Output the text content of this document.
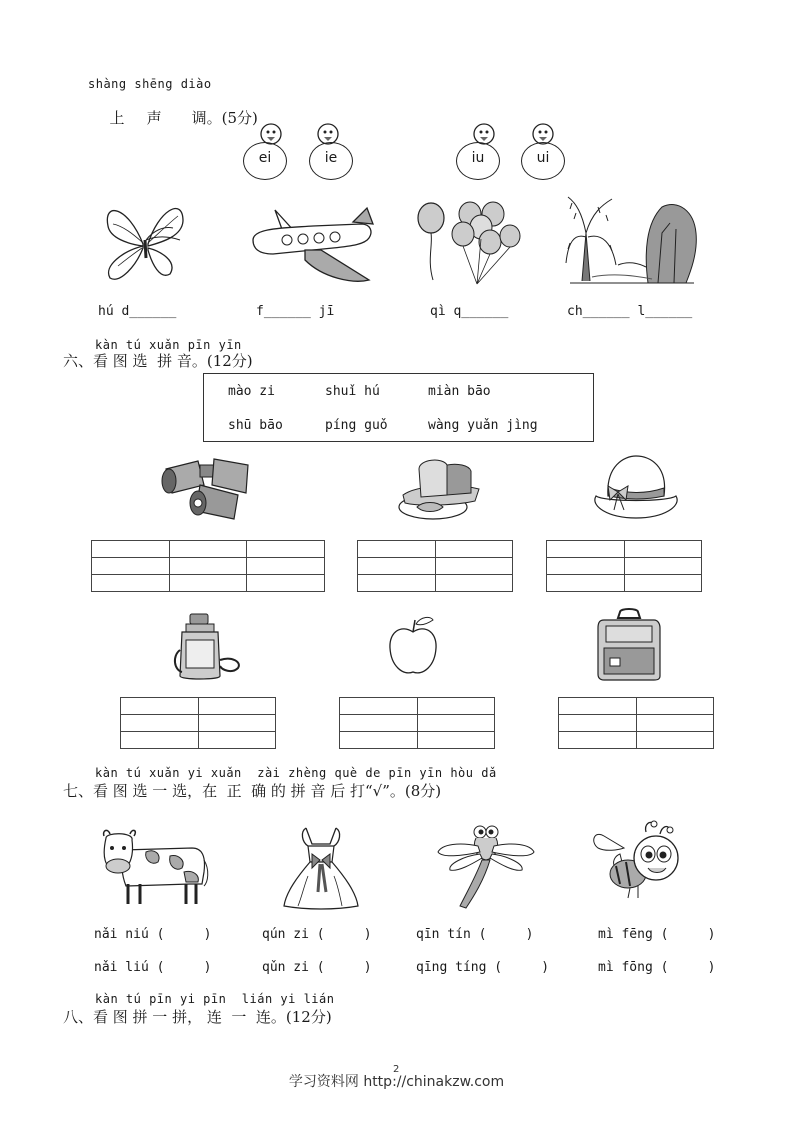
shàng shēng diào

上 声 调。(5分)

ei	ie	iu	ui
hú d______	f______ jī	qì q______	ch______ l______
kàn tú xuǎn pīn yīn
六、看 图 选  拼 音。(12分)
mào zi	shuǐ hú	miàn bāo
shū bāo	píng guǒ	wàng yuǎn jìng

kàn tú xuǎn yi xuǎn  zài zhèng què de pīn yīn hòu dǎ
七、看 图 选 一 选，在  正  确 的 拼 音 后 打“√”。(8分)
nǎi niú (     )	qún zi (     )	qīn tín (     )	mì fēng (     )
nǎi liú (     )	qǔn zi (     )	qīng tíng (     )	mì fōng (     )
kàn tú pīn yi pīn  lián yi lián
八、看 图 拼 一 拼， 连  一  连。(12分)
学习资料网 http://chinakzw.com
2
